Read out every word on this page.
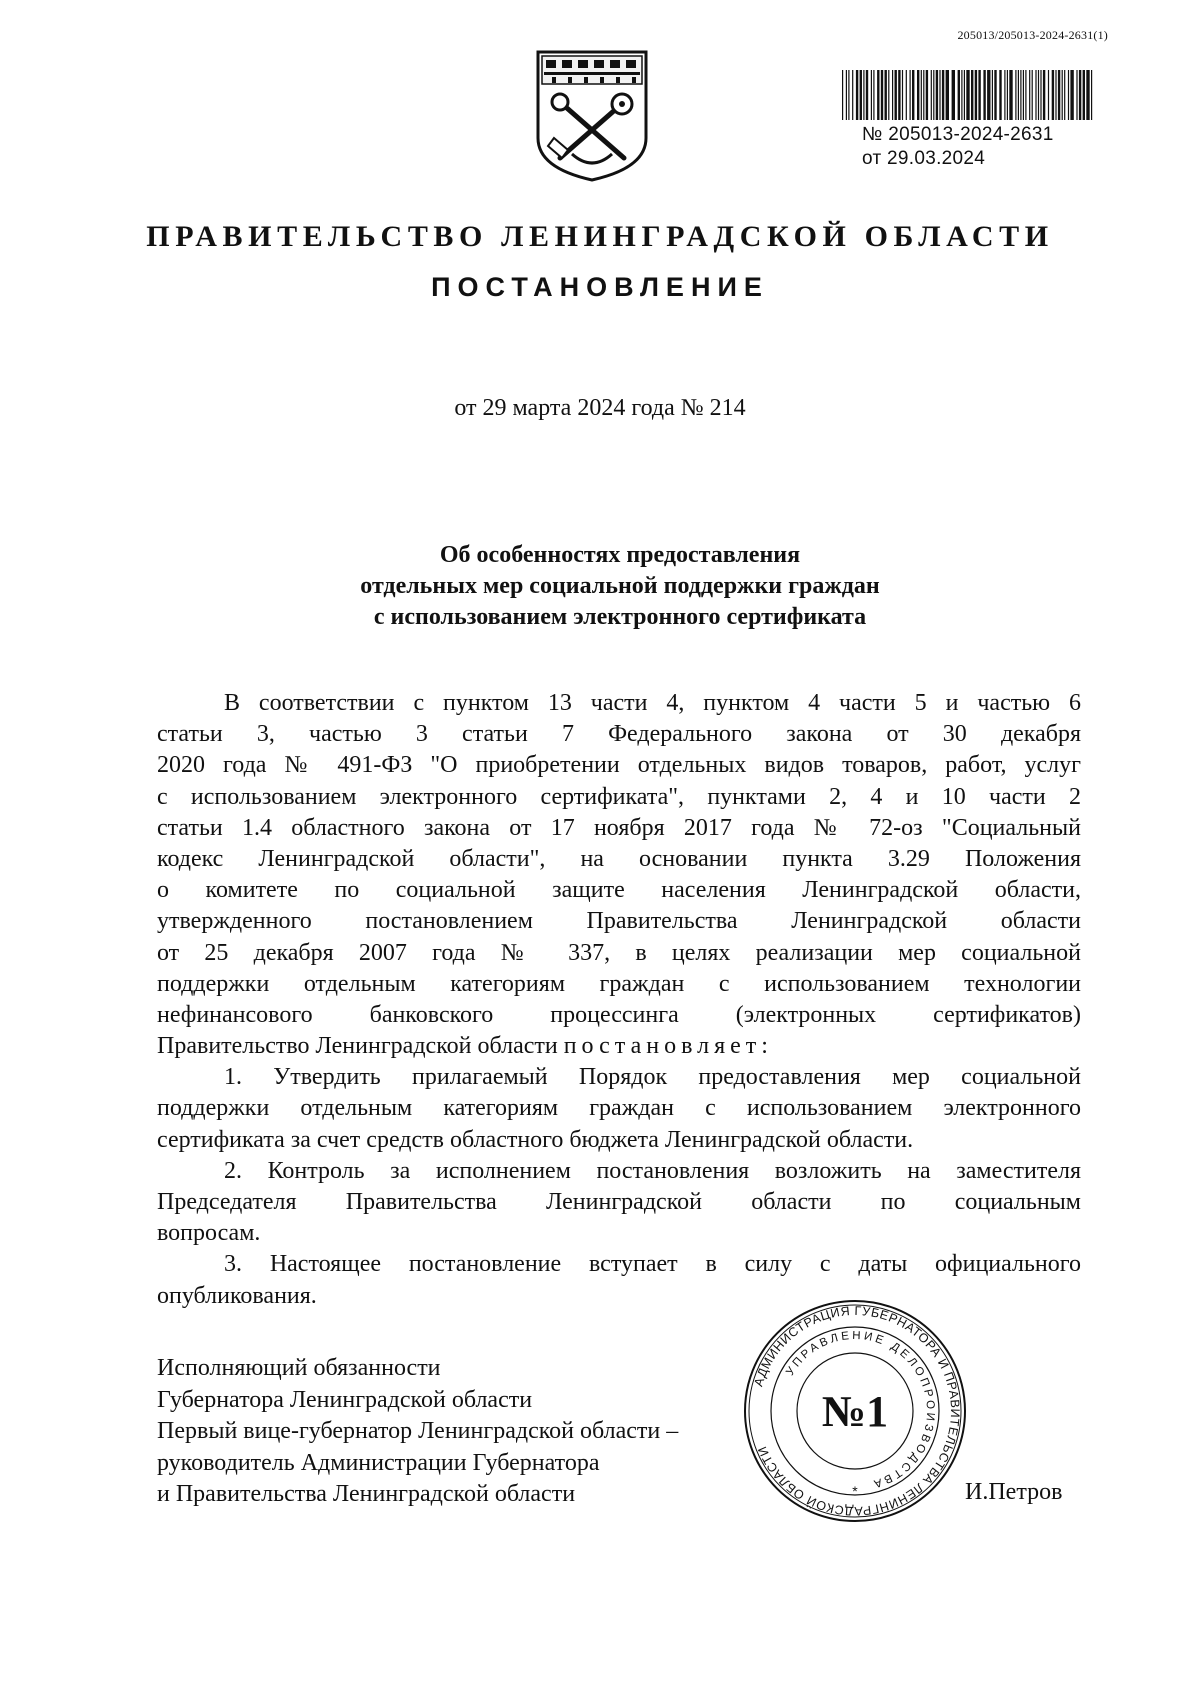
205013/205013-2024-2631(1)
№ 205013-2024-2631
от 29.03.2024
ПРАВИТЕЛЬСТВО ЛЕНИНГРАДСКОЙ ОБЛАСТИ
ПОСТАНОВЛЕНИЕ
от 29 марта 2024 года № 214
Об особенностях предоставления
отдельных мер социальной поддержки граждан
с использованием электронного сертификата
В соответствии с пунктом 13 части 4, пунктом 4 части 5 и частью 6
статьи 3, частью 3 статьи 7 Федерального закона от 30 декабря
2020 года № 491-ФЗ "О приобретении отдельных видов товаров, работ, услуг
с использованием электронного сертификата", пунктами 2, 4 и 10 части 2
статьи 1.4 областного закона от 17 ноября 2017 года № 72-оз "Социальный
кодекс Ленинградской области", на основании пункта 3.29 Положения
о комитете по социальной защите населения Ленинградской области,
утвержденного постановлением Правительства Ленинградской области
от 25 декабря 2007 года № 337, в целях реализации мер социальной
поддержки отдельным категориям граждан с использованием технологии
нефинансового банковского процессинга (электронных сертификатов)
Правительство Ленинградской области постановляет:
1. Утвердить прилагаемый Порядок предоставления мер социальной
поддержки отдельным категориям граждан с использованием электронного
сертификата за счет средств областного бюджета Ленинградской области.
2. Контроль за исполнением постановления возложить на заместителя
Председателя Правительства Ленинградской области по социальным
вопросам.
3. Настоящее постановление вступает в силу с даты официального
опубликования.
Исполняющий обязанности
Губернатора Ленинградской области
Первый вице-губернатор Ленинградской области –
руководитель Администрации Губернатора
и Правительства Ленинградской области
АДМИНИСТРАЦИЯ ГУБЕРНАТОРА И ПРАВИТЕЛЬСТВА ЛЕНИНГРАДСКОЙ ОБЛАСТИ
УПРАВЛЕНИЕ ДЕЛОПРОИЗВОДСТВА
№1
*	И.Петров
